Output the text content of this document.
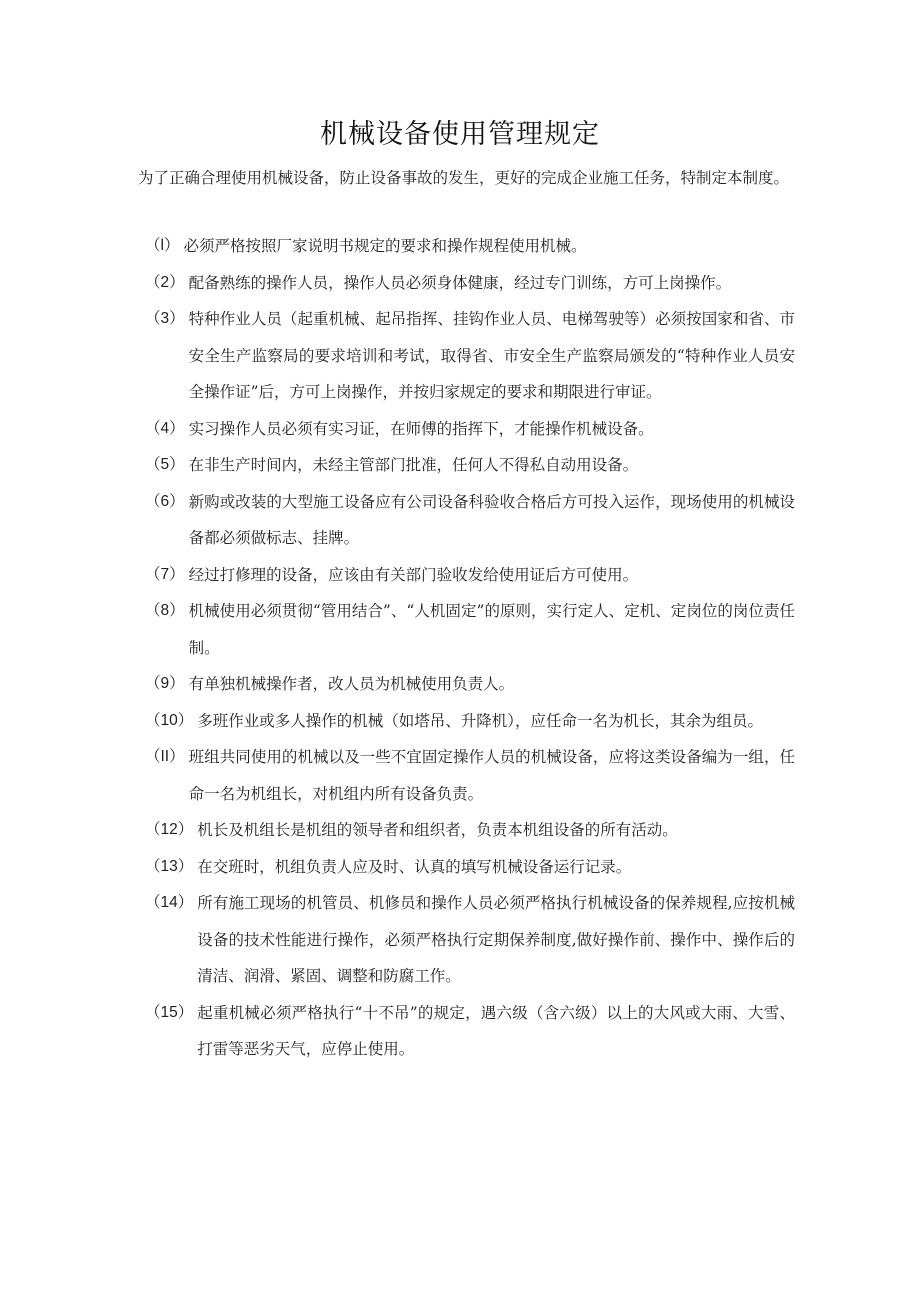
机械设备使用管理规定
为了正确合理使用机械设备，防止设备事故的发生，更好的完成企业施工任务，特制定本制度。
（l） 必须严格按照厂家说明书规定的要求和操作规程使用机械。
（2） 配备熟练的操作人员，操作人员必须身体健康，经过专门训练，方可上岗操作。
（3） 特种作业人员（起重机械、起吊指挥、挂钩作业人员、电梯驾驶等）必须按国家和省、市安全生产监察局的要求培训和考试，取得省、市安全生产监察局颁发的“特种作业人员安全操作证”后，方可上岗操作，并按归家规定的要求和期限进行审证。
（4） 实习操作人员必须有实习证，在师傅的指挥下，才能操作机械设备。
（5） 在非生产时间内，未经主管部门批准，任何人不得私自动用设备。
（6） 新购或改装的大型施工设备应有公司设备科验收合格后方可投入运作，现场使用的机械设备都必须做标志、挂牌。
（7） 经过打修理的设备，应该由有关部门验收发给使用证后方可使用。
（8） 机械使用必须贯彻“管用结合”、“人机固定”的原则，实行定人、定机、定岗位的岗位责任制。
（9） 有单独机械操作者，改人员为机械使用负责人。
（10） 多班作业或多人操作的机械（如塔吊、升降机），应任命一名为机长，其余为组员。
（II） 班组共同使用的机械以及一些不宜固定操作人员的机械设备，应将这类设备编为一组，任命一名为机组长，对机组内所有设备负责。
（12） 机长及机组长是机组的领导者和组织者，负责本机组设备的所有活动。
（13） 在交班时，机组负责人应及时、认真的填写机械设备运行记录。
（14） 所有施工现场的机管员、机修员和操作人员必须严格执行机械设备的保养规程,应按机械设备的技术性能进行操作，必须严格执行定期保养制度,做好操作前、操作中、操作后的清洁、润滑、紧固、调整和防腐工作。
（15） 起重机械必须严格执行“十不吊”的规定，遇六级（含六级）以上的大风或大雨、大雪、打雷等恶劣天气，应停止使用。
